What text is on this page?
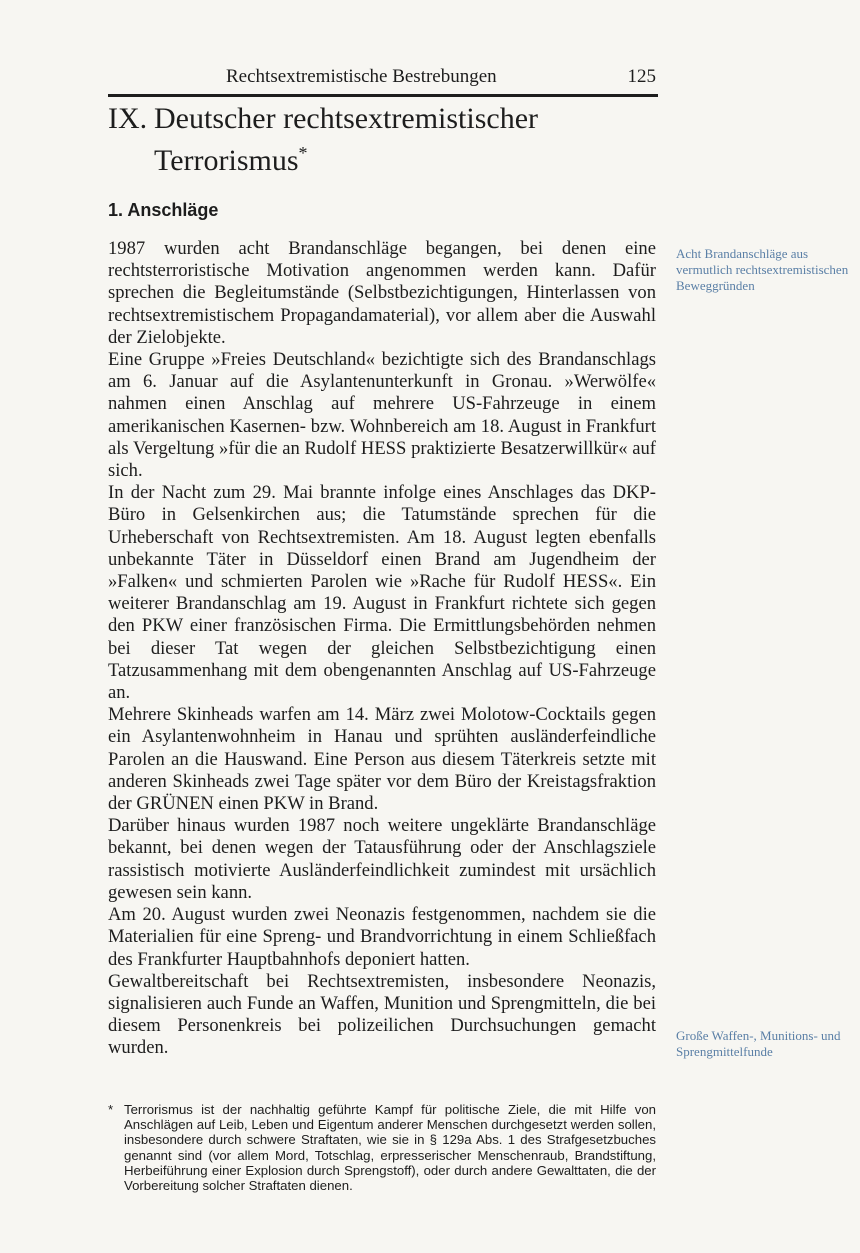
Rechtsextremistische Bestrebungen	125
IX. Deutscher rechtsextremistischer
Terrorismus*
1. Anschläge

1987 wurden acht Brandanschläge begangen, bei denen eine rechtsterroristische Motivation angenommen werden kann. Dafür sprechen die Begleitumstände (Selbstbezichtigungen, Hinterlassen von rechtsextremistischem Propagandamaterial), vor allem aber die Auswahl der Zielobjekte.

Eine Gruppe »Freies Deutschland« bezichtigte sich des Brandanschlags am 6. Januar auf die Asylantenunterkunft in Gronau. »Werwölfe« nahmen einen Anschlag auf mehrere US-Fahrzeuge in einem amerikanischen Kasernen- bzw. Wohnbereich am 18. August in Frankfurt als Vergeltung »für die an Rudolf HESS praktizierte Besatzerwillkür« auf sich.

In der Nacht zum 29. Mai brannte infolge eines Anschlages das DKP-Büro in Gelsenkirchen aus; die Tatumstände sprechen für die Urheberschaft von Rechtsextremisten. Am 18. August legten ebenfalls unbekannte Täter in Düsseldorf einen Brand am Jugendheim der »Falken« und schmierten Parolen wie »Rache für Rudolf HESS«. Ein weiterer Brandanschlag am 19. August in Frankfurt richtete sich gegen den PKW einer französischen Firma. Die Ermittlungsbehörden nehmen bei dieser Tat wegen der gleichen Selbstbezichtigung einen Tatzusammenhang mit dem obengenannten Anschlag auf US-Fahrzeuge an.

Mehrere Skinheads warfen am 14. März zwei Molotow-Cocktails gegen ein Asylantenwohnheim in Hanau und sprühten ausländerfeindliche Parolen an die Hauswand. Eine Person aus diesem Täterkreis setzte mit anderen Skinheads zwei Tage später vor dem Büro der Kreistagsfraktion der GRÜNEN einen PKW in Brand.

Darüber hinaus wurden 1987 noch weitere ungeklärte Brandanschläge bekannt, bei denen wegen der Tatausführung oder der Anschlagsziele rassistisch motivierte Ausländerfeindlichkeit zumindest mit ursächlich gewesen sein kann.

Am 20. August wurden zwei Neonazis festgenommen, nachdem sie die Materialien für eine Spreng- und Brandvorrichtung in einem Schließfach des Frankfurter Hauptbahnhofs deponiert hatten.

Gewaltbereitschaft bei Rechtsextremisten, insbesondere Neonazis, signalisieren auch Funde an Waffen, Munition und Sprengmitteln, die bei diesem Personenkreis bei polizeilichen Durchsuchungen gemacht wurden.

Acht Brandanschläge aus vermutlich rechtsextremistischen Beweggründen
Große Waffen-, Munitions- und Sprengmittelfunde
* Terrorismus ist der nachhaltig geführte Kampf für politische Ziele, die mit Hilfe von Anschlägen auf Leib, Leben und Eigentum anderer Menschen durchgesetzt werden sollen, insbesondere durch schwere Straftaten, wie sie in § 129a Abs. 1 des Strafgesetzbuches genannt sind (vor allem Mord, Totschlag, erpresserischer Menschenraub, Brandstiftung, Herbeiführung einer Explosion durch Sprengstoff), oder durch andere Gewalttaten, die der Vorbereitung solcher Straftaten dienen.
